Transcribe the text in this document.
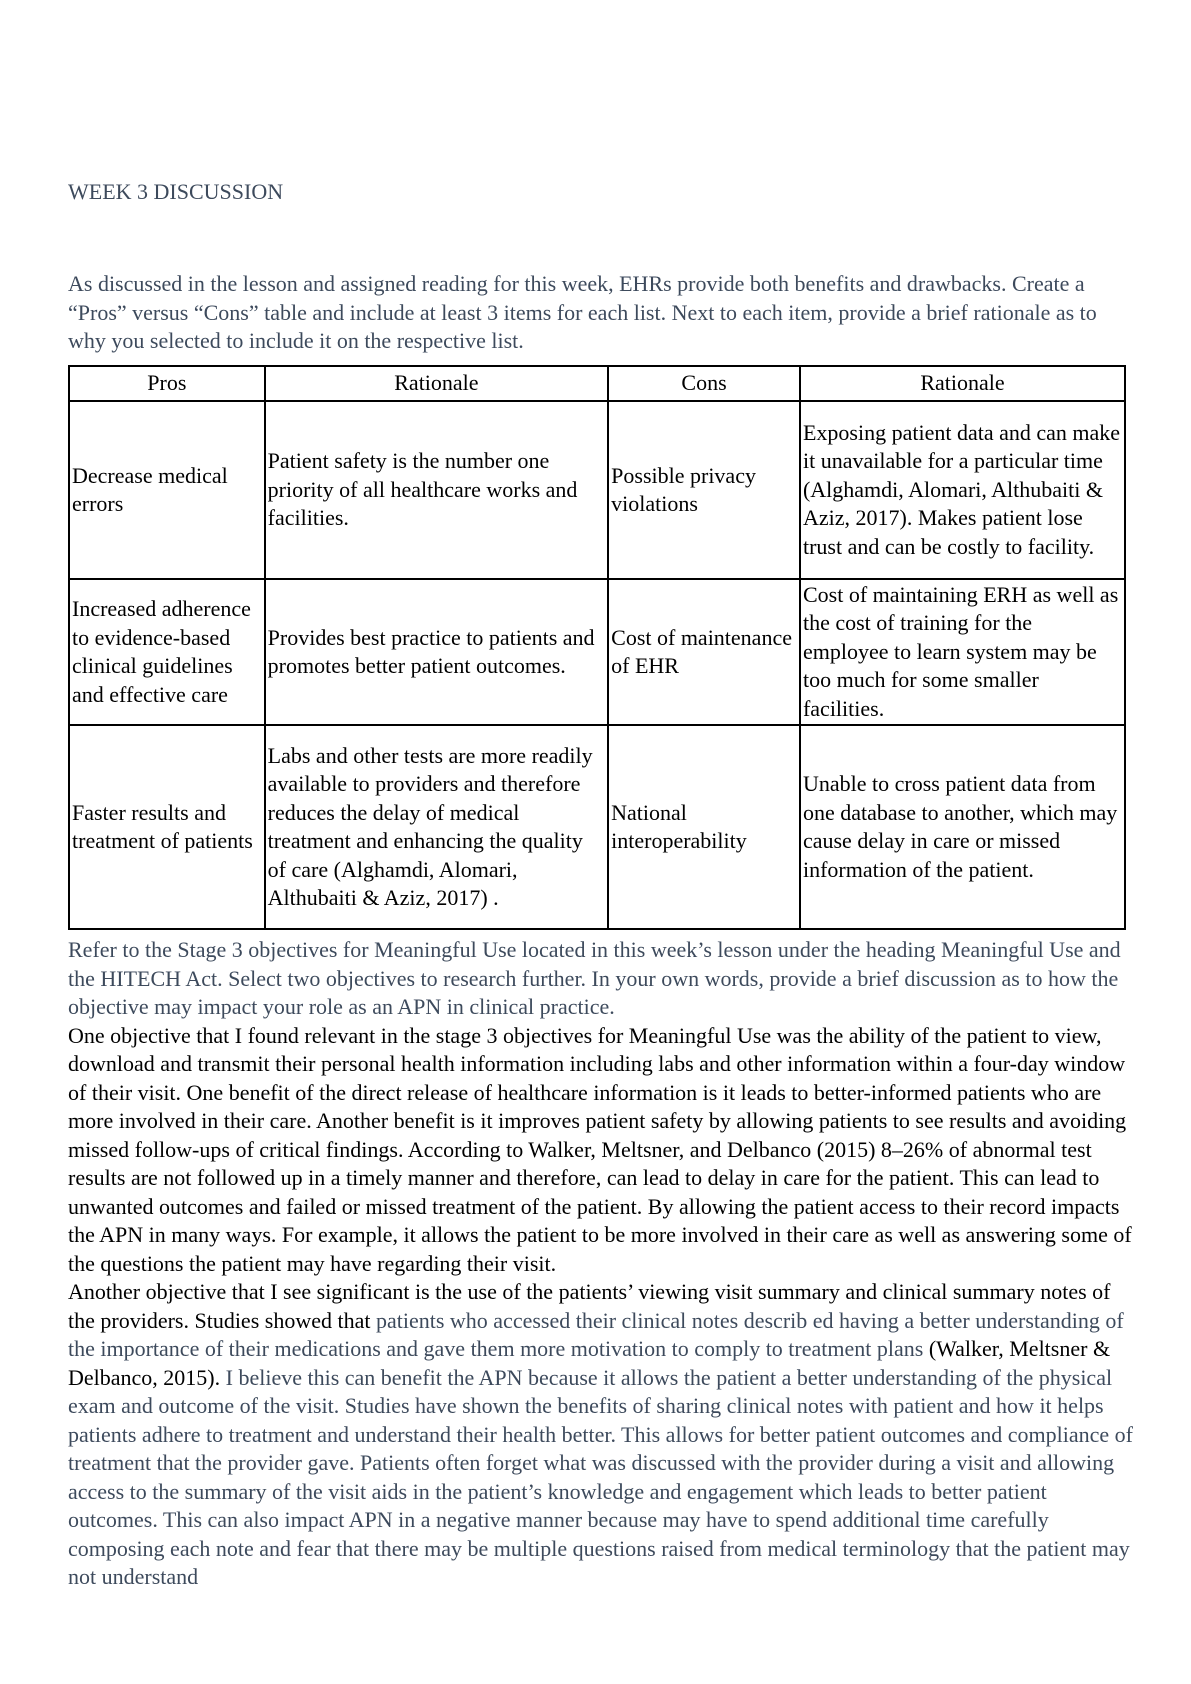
WEEK 3 DISCUSSION

As discussed in the lesson and assigned reading for this week, EHRs provide both benefits and drawbacks. Create a “Pros” versus “Cons” table and include at least 3 items for each list. Next to each item, provide a brief rationale as to why you selected to include it on the respective list.

Pros	Rationale	Cons	Rationale
Decrease medical errors	Patient safety is the number one priority of all healthcare works and facilities.	Possible privacy violations	Exposing patient data and can make it unavailable for a particular time (Alghamdi, Alomari, Althubaiti & Aziz, 2017). Makes patient lose trust and can be costly to facility.
Increased adherence to evidence-based clinical guidelines and effective care	Provides best practice to patients and promotes better patient outcomes.	Cost of maintenance of EHR	Cost of maintaining ERH as well as the cost of training for the employee to learn system may be too much for some smaller facilities.
Faster results and treatment of patients	Labs and other tests are more readily available to providers and therefore reduces the delay of medical treatment and enhancing the quality of care (Alghamdi, Alomari, Althubaiti & Aziz, 2017) .	National interoperability	Unable to cross patient data from one database to another, which may cause delay in care or missed information of the patient.

Refer to the Stage 3 objectives for Meaningful Use located in this week’s lesson under the heading Meaningful Use and the HITECH Act. Select two objectives to research further. In your own words, provide a brief discussion as to how the objective may impact your role as an APN in clinical practice.

One objective that I found relevant in the stage 3 objectives for Meaningful Use was the ability of the patient to view, download and transmit their personal health information including labs and other information within a four-day window of their visit. One benefit of the direct release of healthcare information is it leads to better-informed patients who are more involved in their care. Another benefit is it improves patient safety by allowing patients to see results and avoiding missed follow-ups of critical findings. According to Walker, Meltsner, and Delbanco (2015) 8–26% of abnormal test results are not followed up in a timely manner and therefore, can lead to delay in care for the patient. This can lead to unwanted outcomes and failed or missed treatment of the patient. By allowing the patient access to their record impacts the APN in many ways. For example, it allows the patient to be more involved in their care as well as answering some of the questions the patient may have regarding their visit.

Another objective that I see significant is the use of the patients’ viewing visit summary and clinical summary notes of the providers. Studies showed that patients who accessed their clinical notes describ ed having a better understanding of the importance of their medications and gave them more motivation to comply to treatment plans (Walker, Meltsner & Delbanco, 2015). I believe this can benefit the APN because it allows the patient a better understanding of the physical exam and outcome of the visit. Studies have shown the benefits of sharing clinical notes with patient and how it helps patients adhere to treatment and understand their health better. This allows for better patient outcomes and compliance of treatment that the provider gave. Patients often forget what was discussed with the provider during a visit and allowing access to the summary of the visit aids in the patient’s knowledge and engagement which leads to better patient outcomes. This can also impact APN in a negative manner because may have to spend additional time carefully composing each note and fear that there may be multiple questions raised from medical terminology that the patient may not understand
